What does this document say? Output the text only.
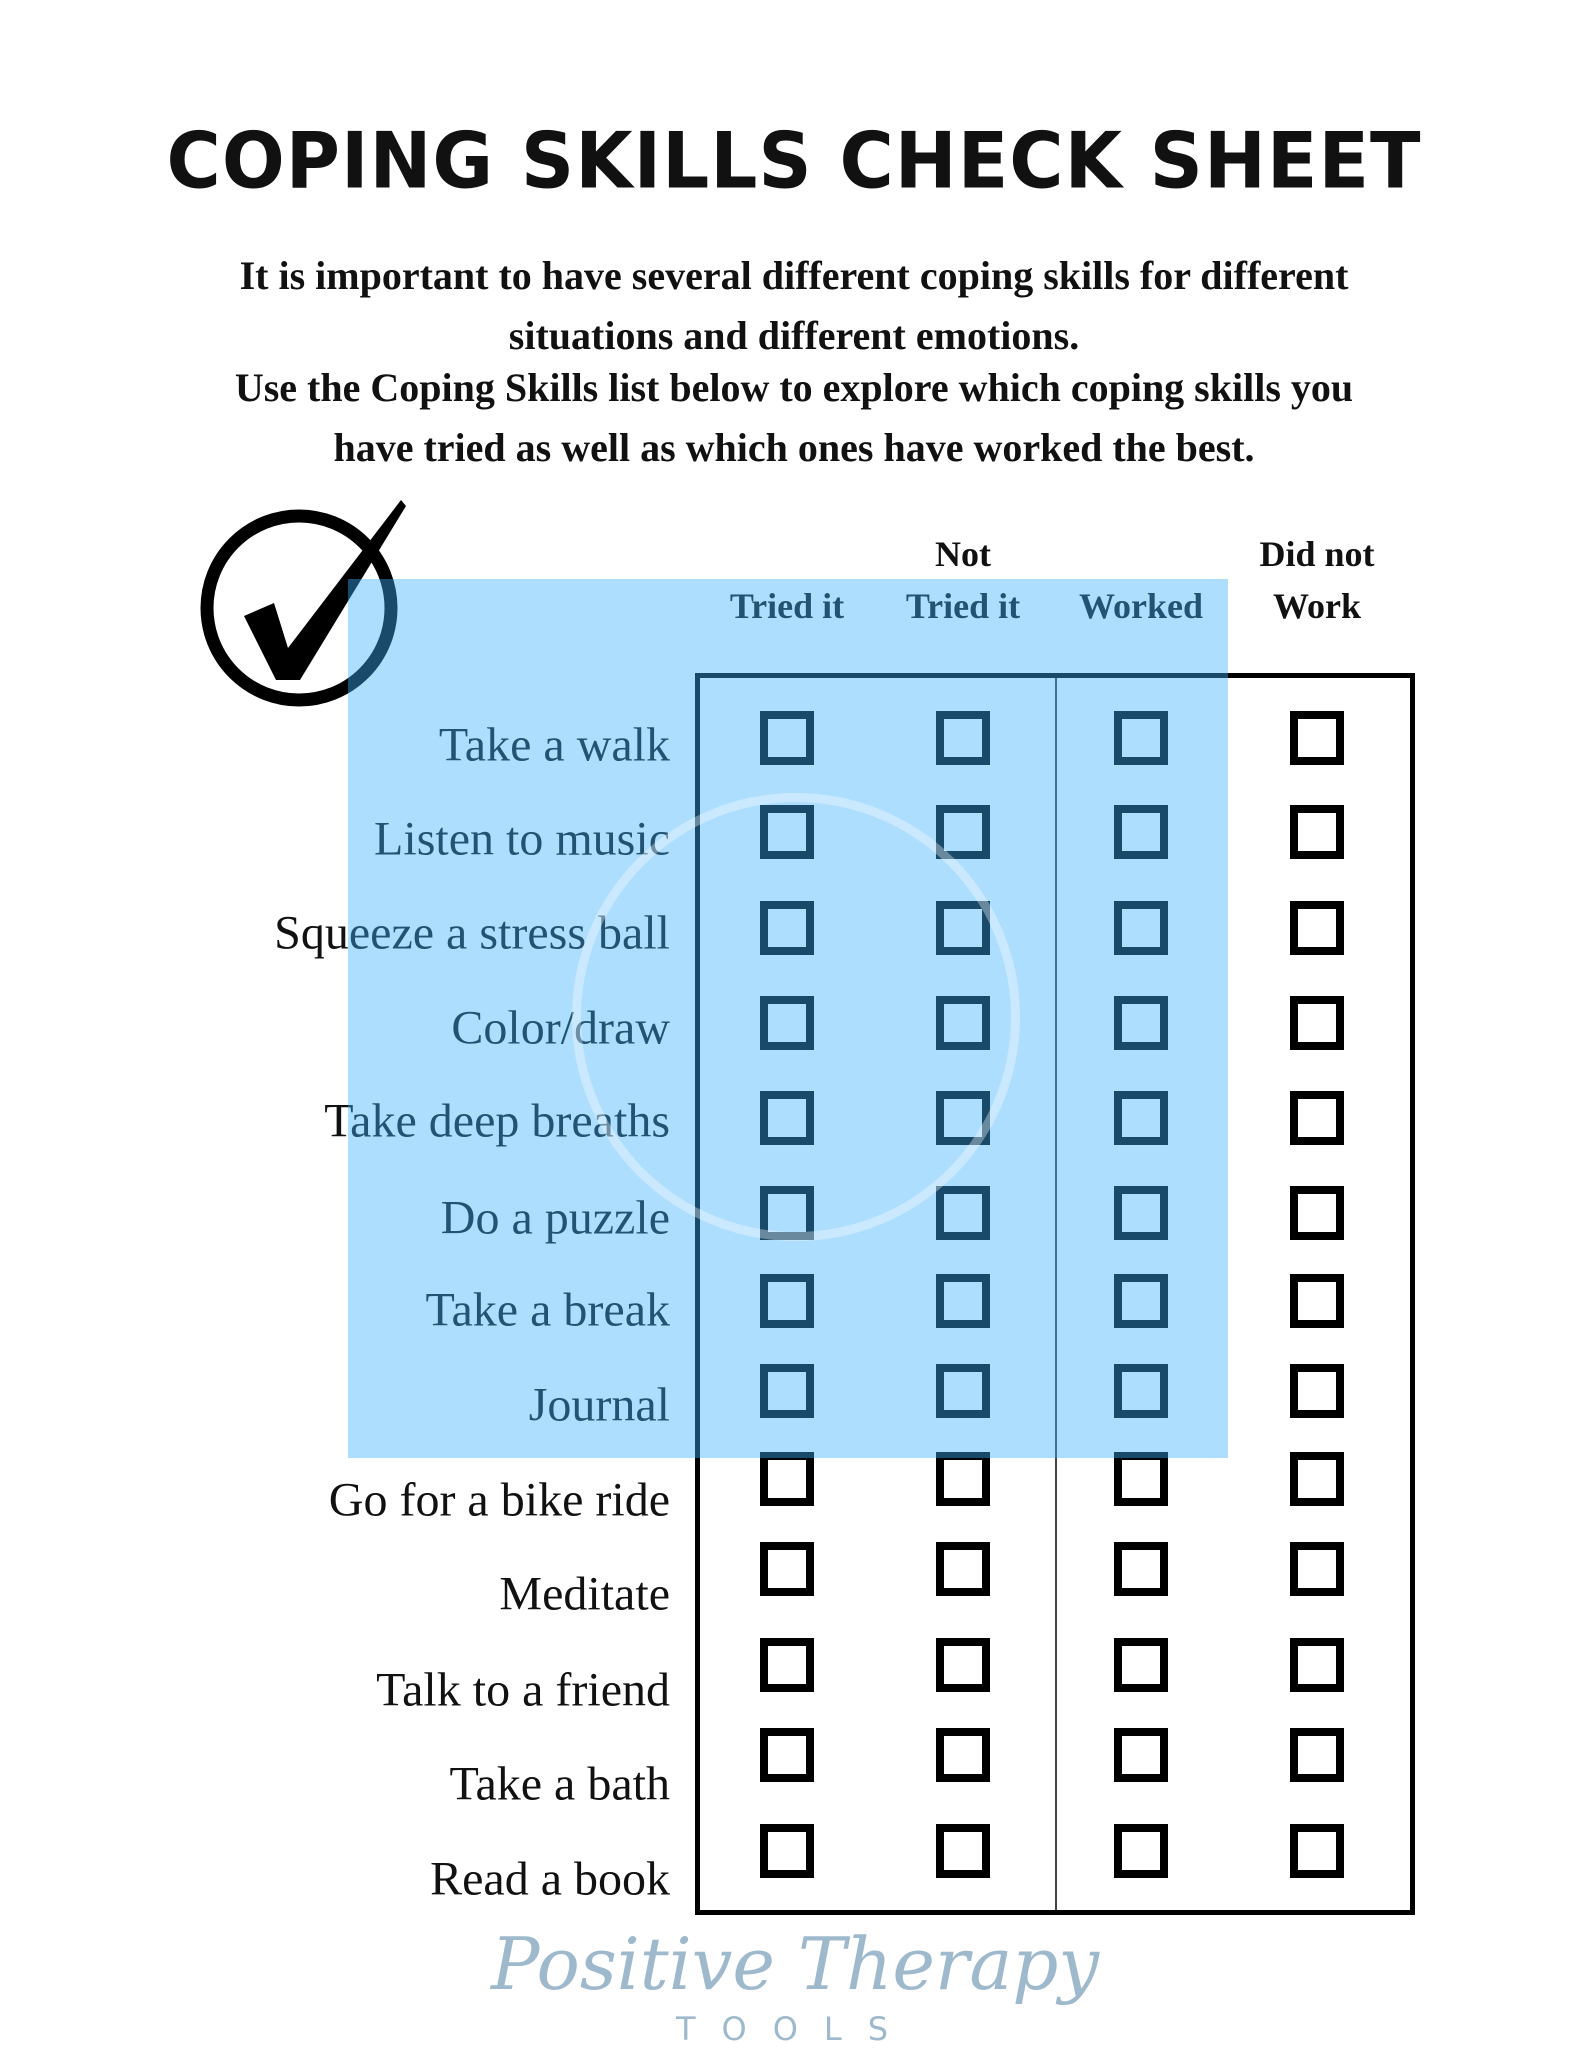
COPING SKILLS CHECK SHEET
It is important to have several different coping skills for different
situations and different emotions.
Use the Coping Skills list below to explore which coping skills you
have tried as well as which ones have worked the best.
Tried it
Not
Tried it	Worked
Did not
Work
Take a walk
Listen to music
Squeeze a stress ball
Color/draw
Take deep breaths
Do a puzzle
Take a break
Journal
Go for a bike ride
Meditate
Talk to a friend
Take a bath
Read a book
Positive Therapy
TOOLS
